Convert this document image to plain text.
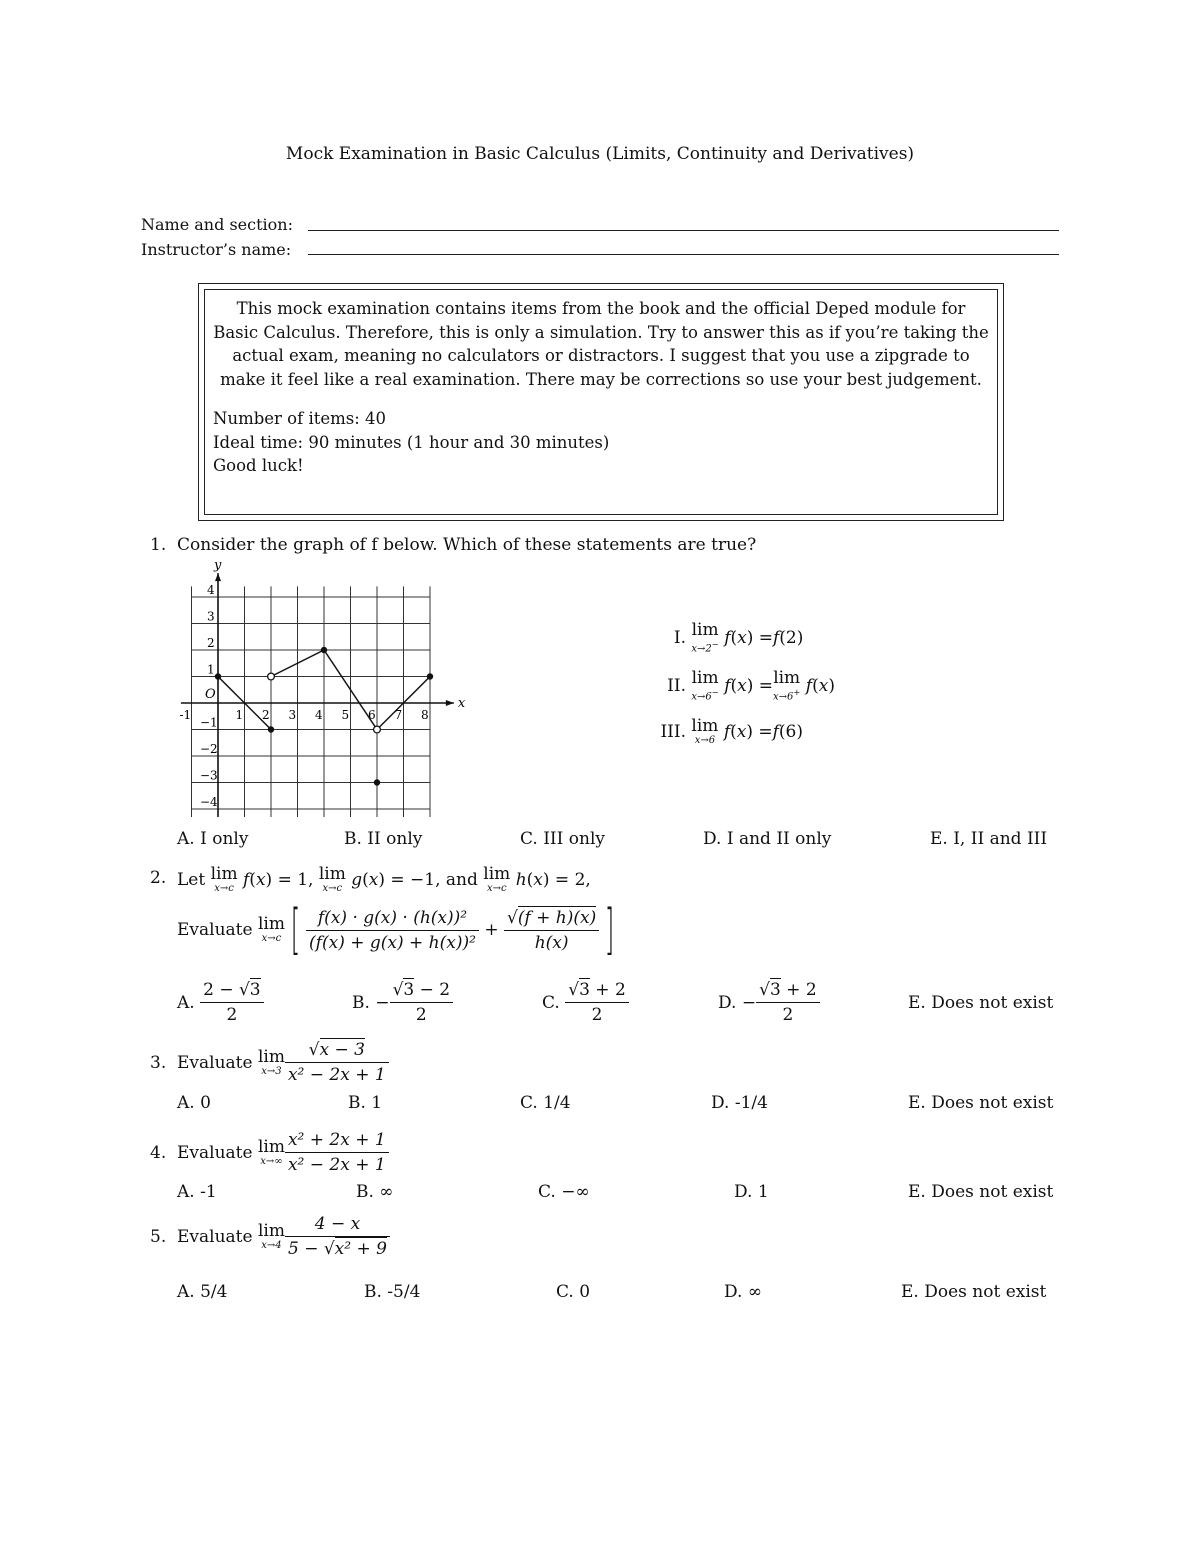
Mock Examination in Basic Calculus (Limits, Continuity and Derivatives)
Name and section:
Instructor’s name:
This mock examination contains items from the book and the official Deped module for Basic Calculus. Therefore, this is only a simulation. Try to answer this as if you’re taking the actual exam, meaning no calculators or distractors. I suggest that you use a zipgrade to make it feel like a real examination. There may be corrections so use your best judgement.
Number of items: 40
Ideal time: 90 minutes (1 hour and 30 minutes)
Good luck!
1. Consider the graph of f below. Which of these statements are true?
x
y
O
-1	1 2 3 4 5 6 7 8
4
3
2
1
−1
−2
−3
−4
I.
lim
x→2−
f ( x ) = f (2)
II.
lim
x→6−
f ( x ) = lim
x→6+
f ( x )
III.
lim
x→6
f ( x ) = f (6)
A. I only	B. II only	C. III only	D. I and II only	E. I, II and III
2. Let
lim
x→c
f ( x ) = 1, lim
x→c
g ( x ) = −1, and lim
x→c
h ( x ) = 2,
Evaluate
lim
x→c [ $\frac{\text{f(x) · g(x) · (h(x))²}}{\text{(f(x) + g(x) + h(x))²}}$
+
$\frac{√(f + h)(x)}{h(x)}$ ]
A.
$\frac{2 - √3}{2}$	B. − $\frac{√3 - 2}{2}$	C.
$\frac{√3 + 2}{2}$	D. − $\frac{√3 + 2}{2}$	E. Does not exist
3. Evaluate
lim
$x\to 3 \frac{√x - 3}{\text{x² − 2x + 1}}$
A. 0	B. 1	C. 1/4	D. -1/4	E. Does not exist
4. Evaluate
lim
$x\to\infty \frac{\text{x² + 2x + 1}}{\text{x² − 2x + 1}}$
A. -1	B. ∞	C. −∞	D. 1	E. Does not exist
5. Evaluate
lim
$x\to 4 \frac{4 - x}{\text{5 − √x² + 9}}$
A. 5/4	B. -5/4	C. 0	D. ∞	E. Does not exist
